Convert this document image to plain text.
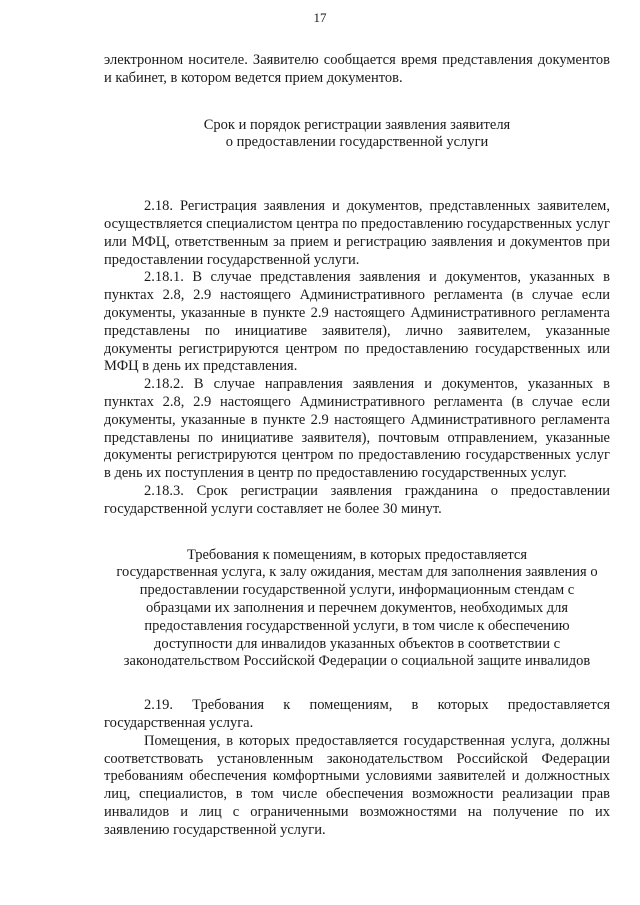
17

электронном носителе. Заявителю сообщается время представления документов и кабинет, в котором ведется прием документов.

Срок и порядок регистрации заявления заявителя
о предоставлении государственной услуги

2.18. Регистрация заявления и документов, представленных заявителем, осуществляется специалистом центра по предоставлению государственных услуг или МФЦ, ответственным за прием и регистрацию заявления и документов при предоставлении государственной услуги.

2.18.1. В случае представления заявления и документов, указанных в пунктах 2.8, 2.9 настоящего Административного регламента (в случае если документы, указанные в пункте 2.9 настоящего Административного регламента представлены по инициативе заявителя), лично заявителем, указанные документы регистрируются центром по предоставлению государственных или МФЦ в день их представления.

2.18.2. В случае направления заявления и документов, указанных в пунктах 2.8, 2.9 настоящего Административного регламента (в случае если документы, указанные в пункте 2.9 настоящего Административного регламента представлены по инициативе заявителя), почтовым отправлением, указанные документы регистрируются центром по предоставлению государственных услуг в день их поступления в центр по предоставлению государственных услуг.

2.18.3. Срок регистрации заявления гражданина о предоставлении государственной услуги составляет не более 30 минут.

Требования к помещениям, в которых предоставляется
государственная услуга, к залу ожидания, местам для заполнения заявления о
предоставлении государственной услуги, информационным стендам с
образцами их заполнения и перечнем документов, необходимых для
предоставления государственной услуги, в том числе к обеспечению
доступности для инвалидов указанных объектов в соответствии с
законодательством Российской Федерации о социальной защите инвалидов

2.19. Требования к помещениям, в которых предоставляется государственная услуга.

Помещения, в которых предоставляется государственная услуга, должны соответствовать установленным законодательством Российской Федерации требованиям обеспечения комфортными условиями заявителей и должностных лиц, специалистов, в том числе обеспечения возможности реализации прав инвалидов и лиц с ограниченными возможностями на получение по их заявлению государственной услуги.
